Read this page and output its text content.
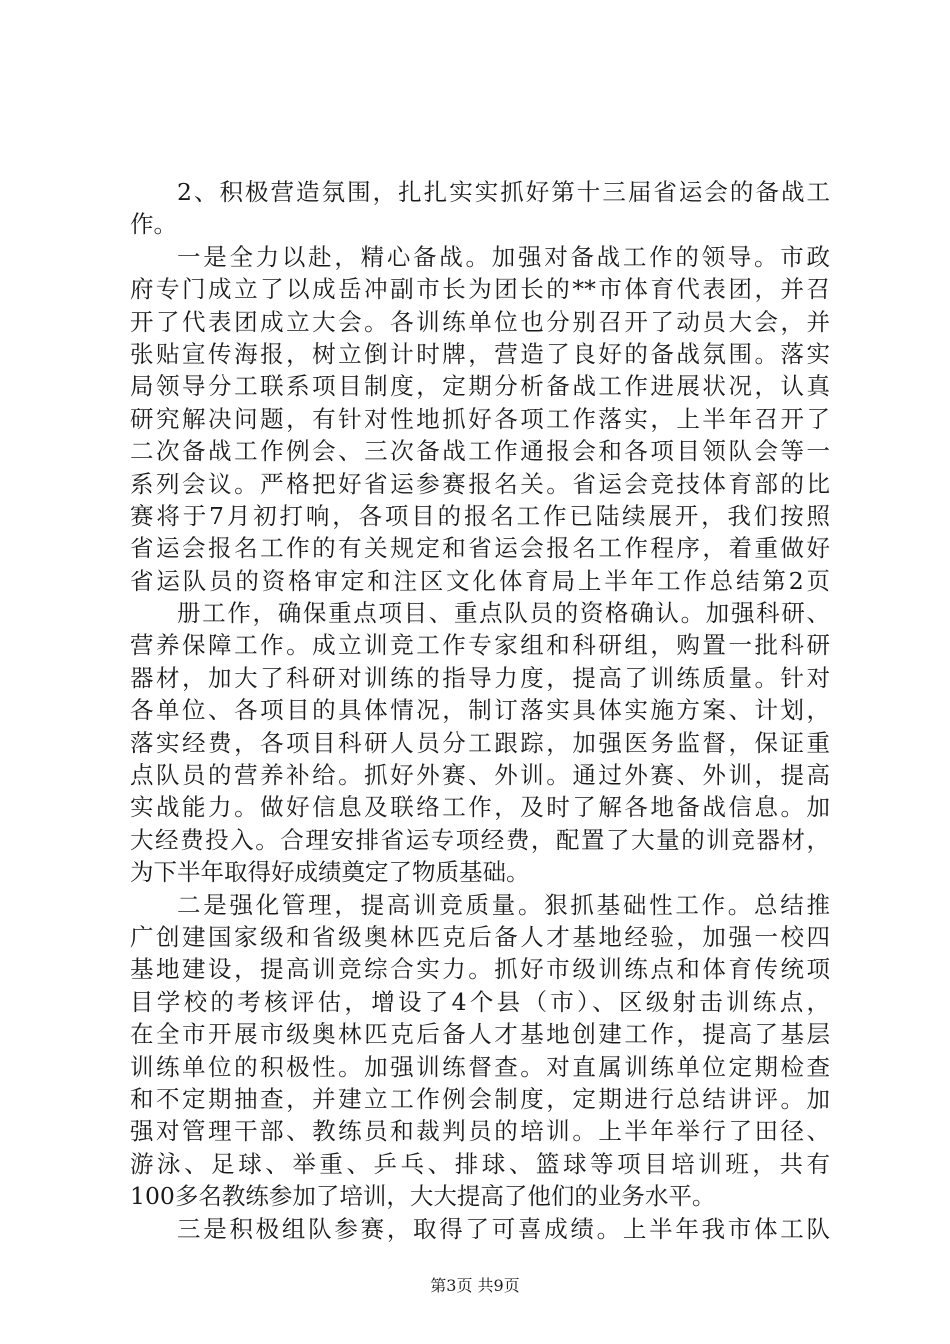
2、积极营造氛围，扎扎实实抓好第十三届省运会的备战工
作。
一是全力以赴，精心备战。加强对备战工作的领导。市政
府专门成立了以成岳冲副市长为团长的**市体育代表团，并召
开了代表团成立大会。各训练单位也分别召开了动员大会，并
张贴宣传海报，树立倒计时牌，营造了良好的备战氛围。落实
局领导分工联系项目制度，定期分析备战工作进展状况，认真
研究解决问题，有针对性地抓好各项工作落实，上半年召开了
二次备战工作例会、三次备战工作通报会和各项目领队会等一
系列会议。严格把好省运参赛报名关。省运会竞技体育部的比
赛将于7月初打响，各项目的报名工作已陆续展开，我们按照
省运会报名工作的有关规定和省运会报名工作程序，着重做好
省运队员的资格审定和注区文化体育局上半年工作总结第2页
册工作，确保重点项目、重点队员的资格确认。加强科研、
营养保障工作。成立训竞工作专家组和科研组，购置一批科研
器材，加大了科研对训练的指导力度，提高了训练质量。针对
各单位、各项目的具体情况，制订落实具体实施方案、计划，
落实经费，各项目科研人员分工跟踪，加强医务监督，保证重
点队员的营养补给。抓好外赛、外训。通过外赛、外训，提高
实战能力。做好信息及联络工作，及时了解各地备战信息。加
大经费投入。合理安排省运专项经费，配置了大量的训竞器材，
为下半年取得好成绩奠定了物质基础。
二是强化管理，提高训竞质量。狠抓基础性工作。总结推
广创建国家级和省级奥林匹克后备人才基地经验，加强一校四
基地建设，提高训竞综合实力。抓好市级训练点和体育传统项
目学校的考核评估，增设了4个县（市）、区级射击训练点，
在全市开展市级奥林匹克后备人才基地创建工作，提高了基层
训练单位的积极性。加强训练督查。对直属训练单位定期检查
和不定期抽查，并建立工作例会制度，定期进行总结讲评。加
强对管理干部、教练员和裁判员的培训。上半年举行了田径、
游泳、足球、举重、乒乓、排球、篮球等项目培训班，共有
100多名教练参加了培训，大大提高了他们的业务水平。
三是积极组队参赛，取得了可喜成绩。上半年我市体工队
第3页 共9页
